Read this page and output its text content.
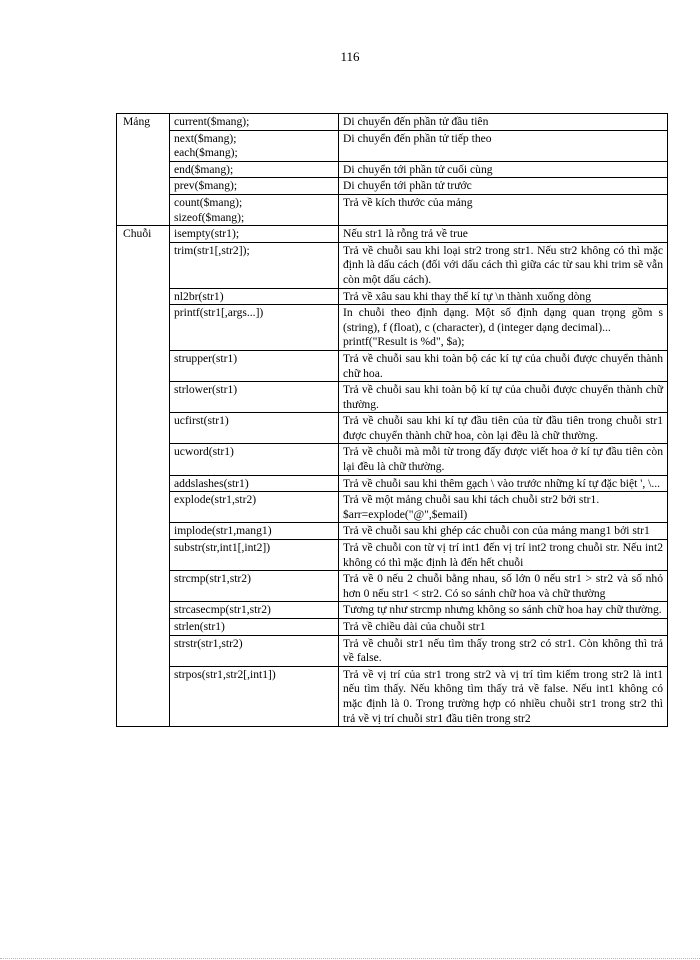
116
Mảng	current($mang);	Di chuyển đến phần tử đầu tiên

	next($mang);
each($mang);	Di chuyển đến phần tử tiếp theo

	end($mang);	Di chuyển tới phần tử cuối cùng

	prev($mang);	Di chuyển tới phần tử trước

	count($mang);
sizeof($mang);	Trả về kích thước của mảng

Chuỗi	isempty(str1);	Nếu str1 là rỗng trả về true

	trim(str1[,str2]);	Trả về chuỗi sau khi loại str2 trong str1. Nếu str2 không có thì mặc định là dấu cách (đối với dấu cách thì giữa các từ sau khi trim sẽ vẫn còn một dấu cách).

	nl2br(str1)	Trả về xâu sau khi thay thế kí tự \n thành xuống dòng

	printf(str1[,args...])	In chuỗi theo định dạng. Một số định dạng quan trọng gồm s (string), f (float), c (character), d (integer dạng decimal)...
printf("Result is %d", $a);

	strupper(str1)	Trả về chuỗi sau khi toàn bộ các kí tự của chuỗi được chuyển thành chữ hoa.

	strlower(str1)	Trả về chuỗi sau khi toàn bộ kí tự của chuỗi được chuyển thành chữ thường.

	ucfirst(str1)	Trả về chuỗi sau khi kí tự đầu tiên của từ đầu tiên trong chuỗi str1 được chuyển thành chữ hoa, còn lại đều là chữ thường.

	ucword(str1)	Trả về chuỗi mà mỗi từ trong đấy được viết hoa ở kí tự đầu tiên còn lại đều là chữ thường.

	addslashes(str1)	Trả về chuỗi sau khi thêm gạch \ vào trước những kí tự đặc biệt ', \...

	explode(str1,str2)	Trả về một mảng chuỗi sau khi tách chuỗi str2 bởi str1.
$arr=explode("@",$email)

	implode(str1,mang1)	Trả về chuỗi sau khi ghép các chuỗi con của mảng mang1 bởi str1

	substr(str,int1[,int2])	Trả về chuỗi con từ vị trí int1 đến vị trí int2 trong chuỗi str. Nếu int2 không có thì mặc định là đến hết chuỗi

	strcmp(str1,str2)	Trả về 0 nếu 2 chuỗi bằng nhau, số lớn 0 nếu str1 > str2 và số nhỏ hơn 0 nếu str1 < str2. Có so sánh chữ hoa và chữ thường

	strcasecmp(str1,str2)	Tương tự như strcmp nhưng không so sánh chữ hoa hay chữ thường.

	strlen(str1)	Trả về chiều dài của chuỗi str1

	strstr(str1,str2)	Trả về chuỗi str1 nếu tìm thấy trong str2 có str1. Còn không thì trả về false.

	strpos(str1,str2[,int1])	Trả về vị trí của str1 trong str2 và vị trí tìm kiếm trong str2 là int1 nếu tìm thấy. Nếu không tìm thấy trả về false. Nếu int1 không có mặc định là 0. Trong trường hợp có nhiều chuỗi str1 trong str2 thì trả về vị trí chuỗi str1 đầu tiên trong str2
